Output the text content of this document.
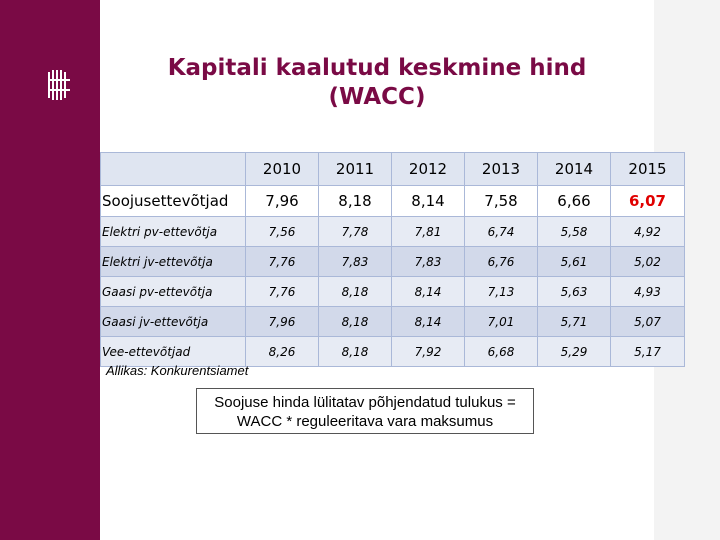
Kapitali kaalutud keskmine hind
(WACC)
	2010	2011	2012	2013	2014	2015
Soojusettevõtjad	7,96	8,18	8,14	7,58	6,66	6,07
Elektri pv-ettevõtja	7,56	7,78	7,81	6,74	5,58	4,92
Elektri jv-ettevõtja	7,76	7,83	7,83	6,76	5,61	5,02
Gaasi pv-ettevõtja	7,76	8,18	8,14	7,13	5,63	4,93
Gaasi jv-ettevõtja	7,96	8,18	8,14	7,01	5,71	5,07
Vee-ettevõtjad	8,26	8,18	7,92	6,68	5,29	5,17
Allikas: Konkurentsiamet
Soojuse hinda lülitatav põhjendatud tulukus =
WACC * reguleeritava vara maksumus
